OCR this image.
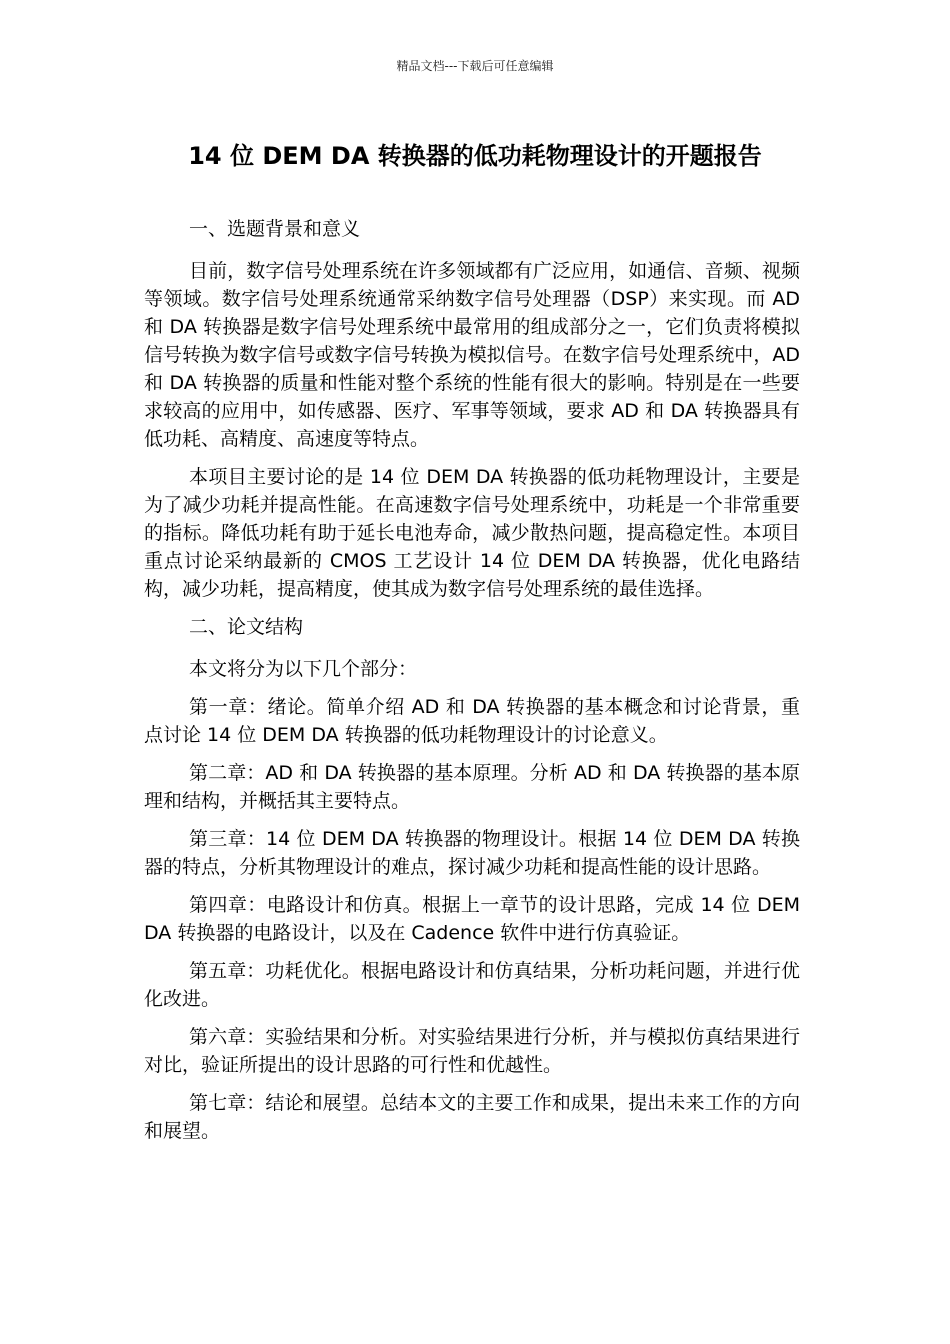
精品文档---下载后可任意编辑
14 位 DEM DA 转换器的低功耗物理设计的开题报告

一、选题背景和意义

目前，数字信号处理系统在许多领域都有广泛应用，如通信、音频、视频等领域。数字信号处理系统通常采纳数字信号处理器（DSP）来实现。而 AD 和 DA 转换器是数字信号处理系统中最常用的组成部分之一，它们负责将模拟信号转换为数字信号或数字信号转换为模拟信号。在数字信号处理系统中，AD 和 DA 转换器的质量和性能对整个系统的性能有很大的影响。特别是在一些要求较高的应用中，如传感器、医疗、军事等领域，要求 AD 和 DA 转换器具有低功耗、高精度、高速度等特点。

本项目主要讨论的是 14 位 DEM DA 转换器的低功耗物理设计，主要是为了减少功耗并提高性能。在高速数字信号处理系统中，功耗是一个非常重要的指标。降低功耗有助于延长电池寿命，减少散热问题，提高稳定性。本项目重点讨论采纳最新的 CMOS 工艺设计 14 位 DEM DA 转换器，优化电路结构，减少功耗，提高精度，使其成为数字信号处理系统的最佳选择。

二、论文结构

本文将分为以下几个部分：

第一章：绪论。简单介绍 AD 和 DA 转换器的基本概念和讨论背景，重点讨论 14 位 DEM DA 转换器的低功耗物理设计的讨论意义。

第二章：AD 和 DA 转换器的基本原理。分析 AD 和 DA 转换器的基本原理和结构，并概括其主要特点。

第三章：14 位 DEM DA 转换器的物理设计。根据 14 位 DEM DA 转换器的特点，分析其物理设计的难点，探讨减少功耗和提高性能的设计思路。

第四章：电路设计和仿真。根据上一章节的设计思路，完成 14 位 DEM DA 转换器的电路设计，以及在 Cadence 软件中进行仿真验证。

第五章：功耗优化。根据电路设计和仿真结果，分析功耗问题，并进行优化改进。

第六章：实验结果和分析。对实验结果进行分析，并与模拟仿真结果进行对比，验证所提出的设计思路的可行性和优越性。

第七章：结论和展望。总结本文的主要工作和成果，提出未来工作的方向和展望。
